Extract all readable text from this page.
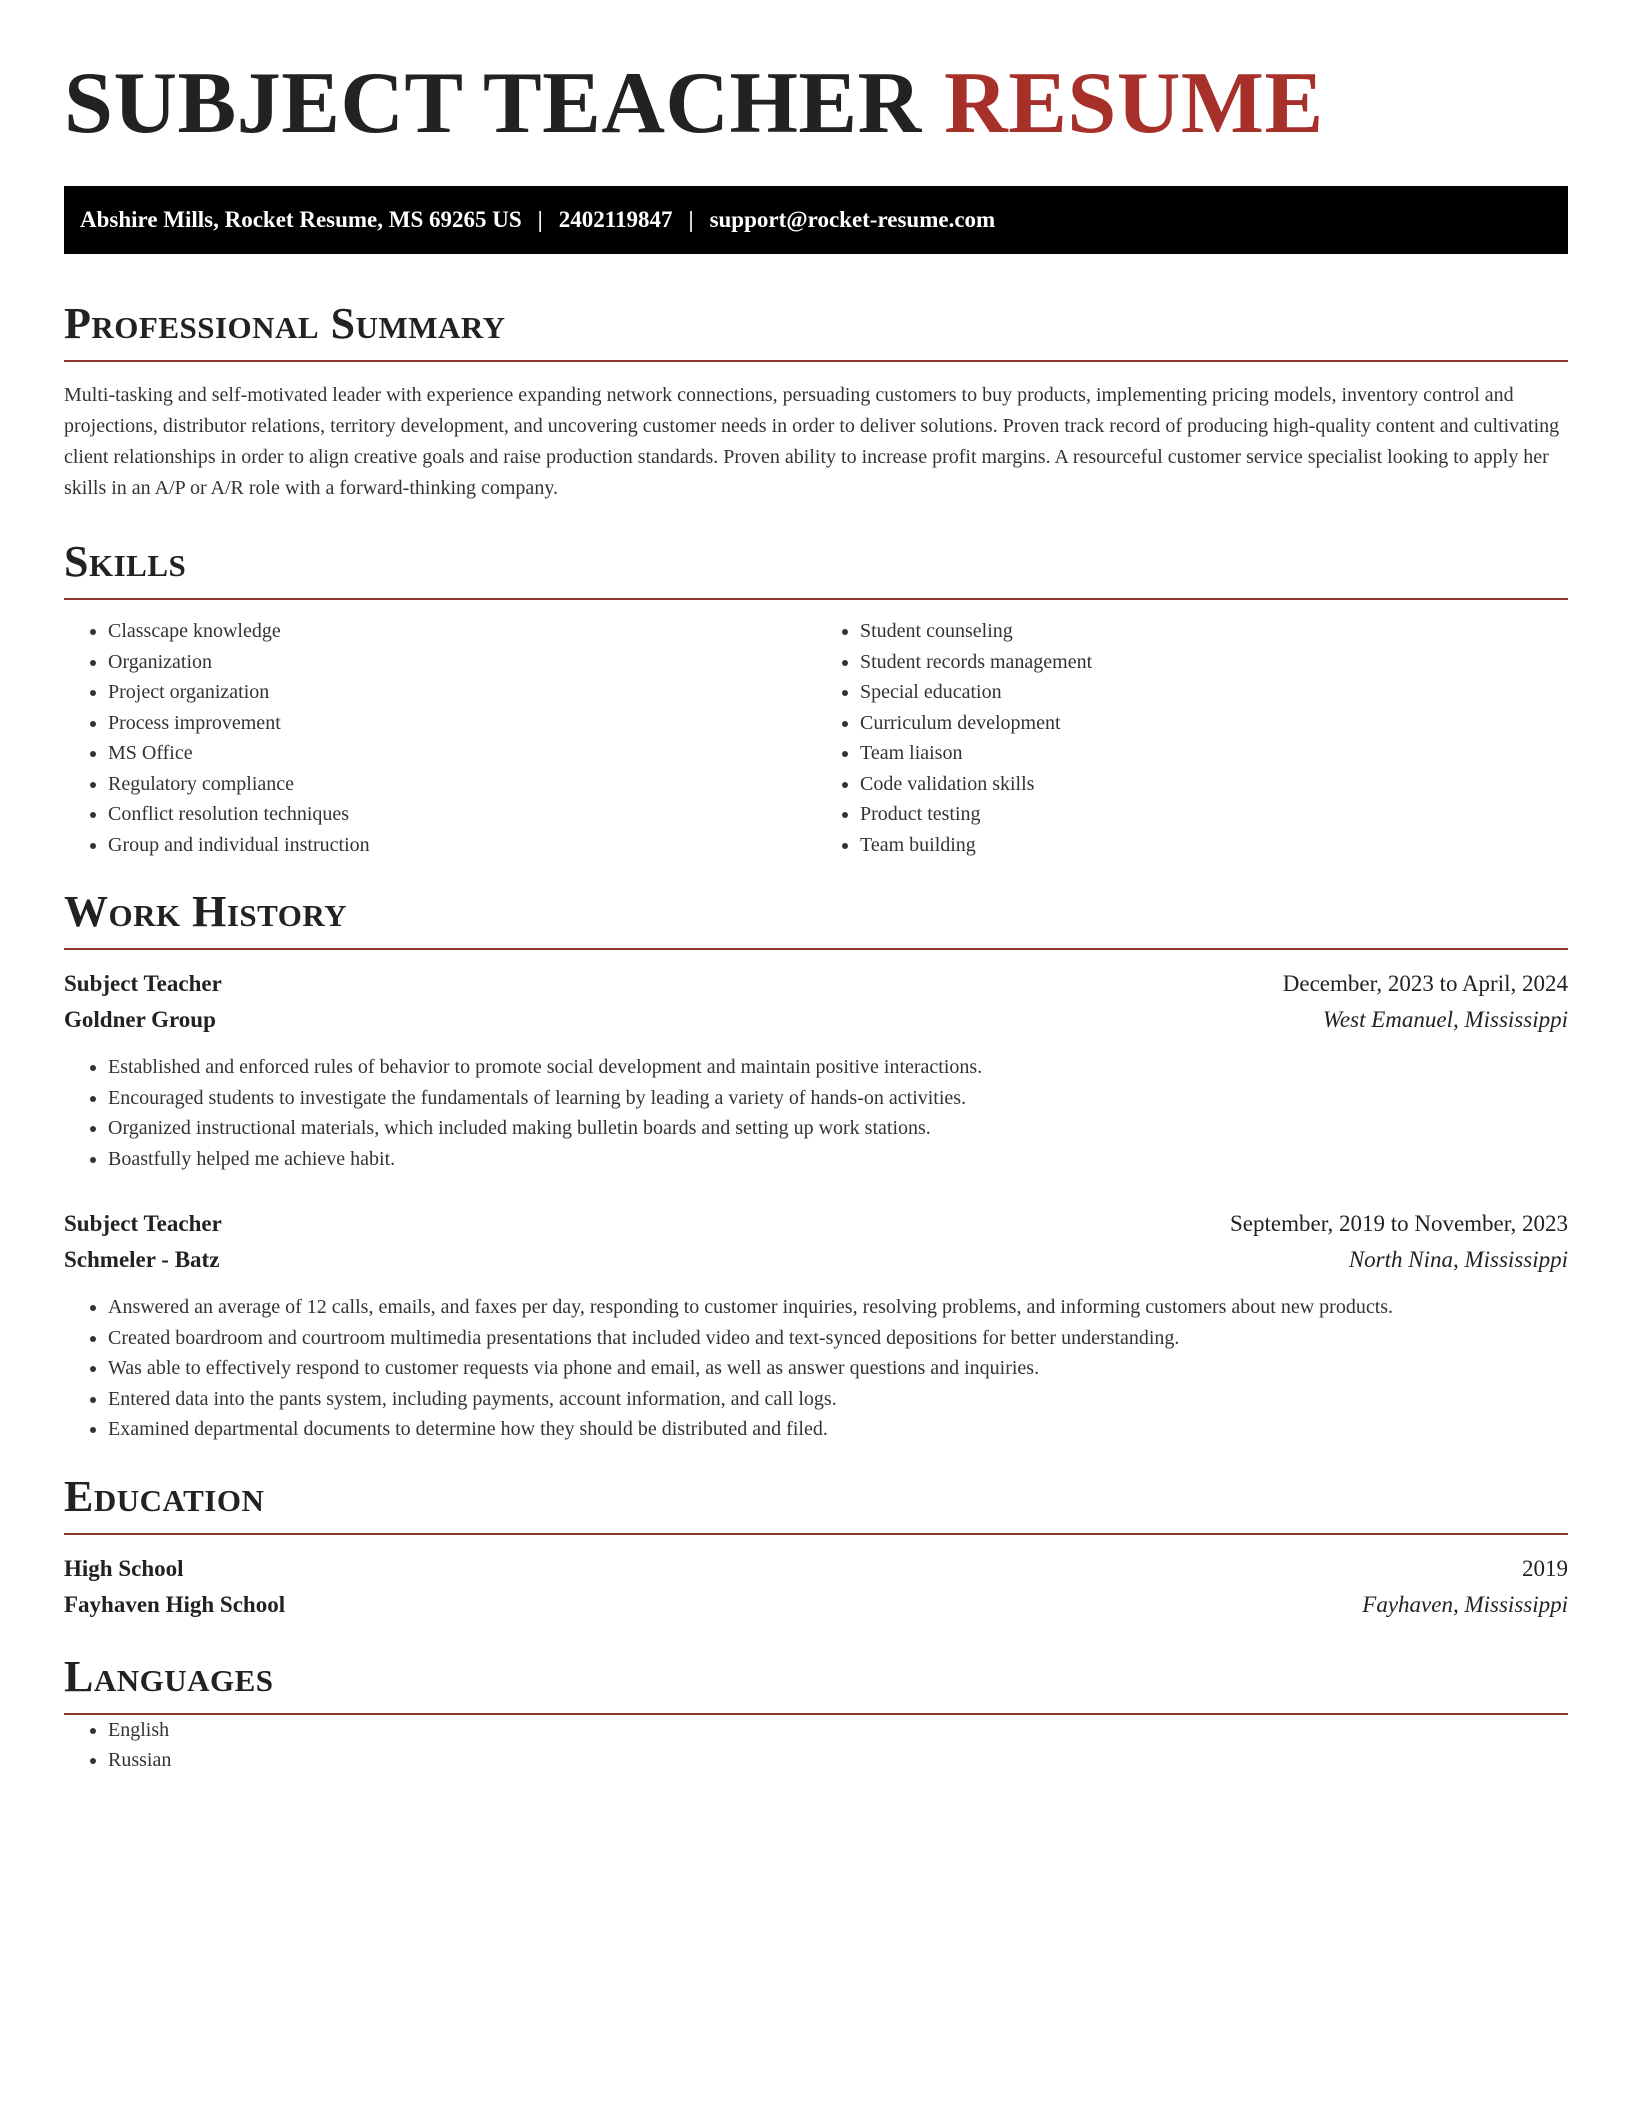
SUBJECT TEACHER RESUME
Abshire Mills, Rocket Resume, MS 69265 US | 2402119847 | support@rocket-resume.com
Professional Summary

Multi-tasking and self-motivated leader with experience expanding network connections, persuading customers to buy products, implementing pricing models, inventory control and projections, distributor relations, territory development, and uncovering customer needs in order to deliver solutions. Proven track record of producing high-quality content and cultivating client relationships in order to align creative goals and raise production standards. Proven ability to increase profit margins. A resourceful customer service specialist looking to apply her skills in an A/P or A/R role with a forward-thinking company.

Skills
• Classcape knowledge
• Organization
• Project organization
• Process improvement
• MS Office
• Regulatory compliance
• Conflict resolution techniques
• Group and individual instruction
• Student counseling
• Student records management
• Special education
• Curriculum development
• Team liaison
• Code validation skills
• Product testing
• Team building
Work History
Subject Teacher	December, 2023 to April, 2024
Goldner Group	West Emanuel, Mississippi
• Established and enforced rules of behavior to promote social development and maintain positive interactions.
• Encouraged students to investigate the fundamentals of learning by leading a variety of hands-on activities.
• Organized instructional materials, which included making bulletin boards and setting up work stations.
• Boastfully helped me achieve habit.
Subject Teacher	September, 2019 to November, 2023
Schmeler - Batz	North Nina, Mississippi
• Answered an average of 12 calls, emails, and faxes per day, responding to customer inquiries, resolving problems, and informing customers about new products.
• Created boardroom and courtroom multimedia presentations that included video and text-synced depositions for better understanding.
• Was able to effectively respond to customer requests via phone and email, as well as answer questions and inquiries.
• Entered data into the pants system, including payments, account information, and call logs.
• Examined departmental documents to determine how they should be distributed and filed.
Education
High School	2019
Fayhaven High School	Fayhaven, Mississippi
Languages
• English
• Russian
